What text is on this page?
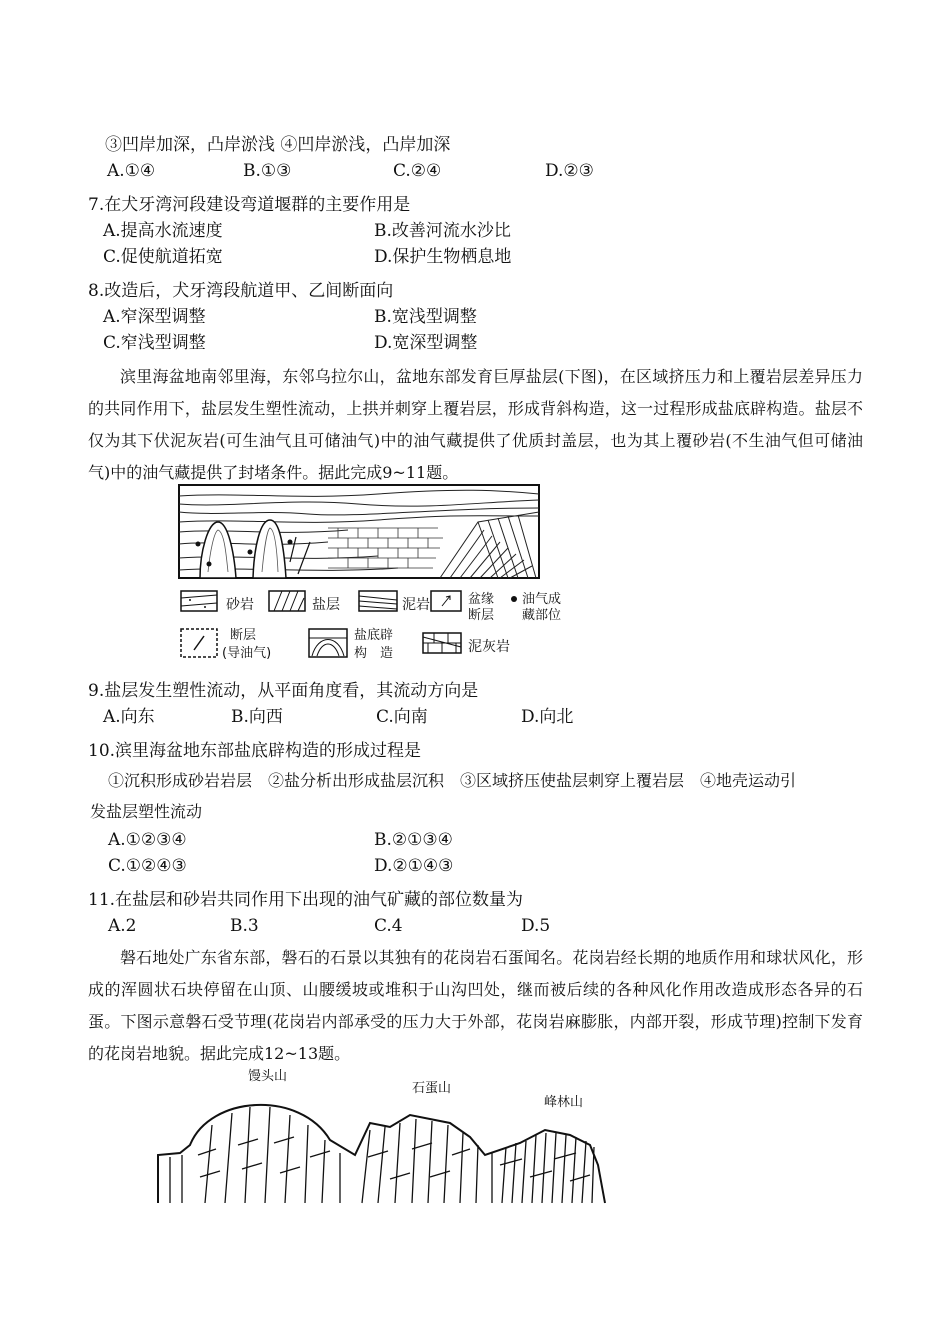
③凹岸加深，凸岸淤浅 ④凹岸淤浅，凸岸加深
A.①④	B.①③	C.②④	D.②③
7.在犬牙湾河段建设弯道堰群的主要作用是
A.提高水流速度	B.改善河流水沙比
C.促使航道拓宽	D.保护生物栖息地
8.改造后，犬牙湾段航道甲、乙间断面向
A.窄深型调整	B.宽浅型调整
C.窄浅型调整	D.宽深型调整
滨里海盆地南邻里海，东邻乌拉尔山，盆地东部发育巨厚盐层(下图)，在区域挤压力和上覆岩层差异压力的共同作用下，盐层发生塑性流动，上拱并刺穿上覆岩层，形成背斜构造，这一过程形成盐底辟构造。盐层不仅为其下伏泥灰岩(可生油气且可储油气)中的油气藏提供了优质封盖层，也为其上覆砂岩(不生油气但可储油气)中的油气藏提供了封堵条件。据此完成9~11题。
砂岩	盐层	泥岩	盆缘
断层
油气成
藏部位
断层
(导油气)
盐底辟
构　造	泥灰岩
9.盐层发生塑性流动，从平面角度看，其流动方向是
A.向东	B.向西	C.向南	D.向北
10.滨里海盆地东部盐底辟构造的形成过程是
①沉积形成砂岩岩层　②盐分析出形成盐层沉积　③区域挤压使盐层刺穿上覆岩层　④地壳运动引
发盐层塑性流动
A.①②③④	B.②①③④
C.①②④③	D.②①④③
11.在盐层和砂岩共同作用下出现的油气矿藏的部位数量为
A.2	B.3	C.4	D.5
磐石地处广东省东部，磐石的石景以其独有的花岗岩石蛋闻名。花岗岩经长期的地质作用和球状风化，形成的浑圆状石块停留在山顶、山腰缓坡或堆积于山沟凹处，继而被后续的各种风化作用改造成形态各异的石蛋。下图示意磐石受节理(花岗岩内部承受的压力大于外部，花岗岩麻膨胀，内部开裂，形成节理)控制下发育的花岗岩地貌。据此完成12~13题。
馒头山
石蛋山
峰林山
